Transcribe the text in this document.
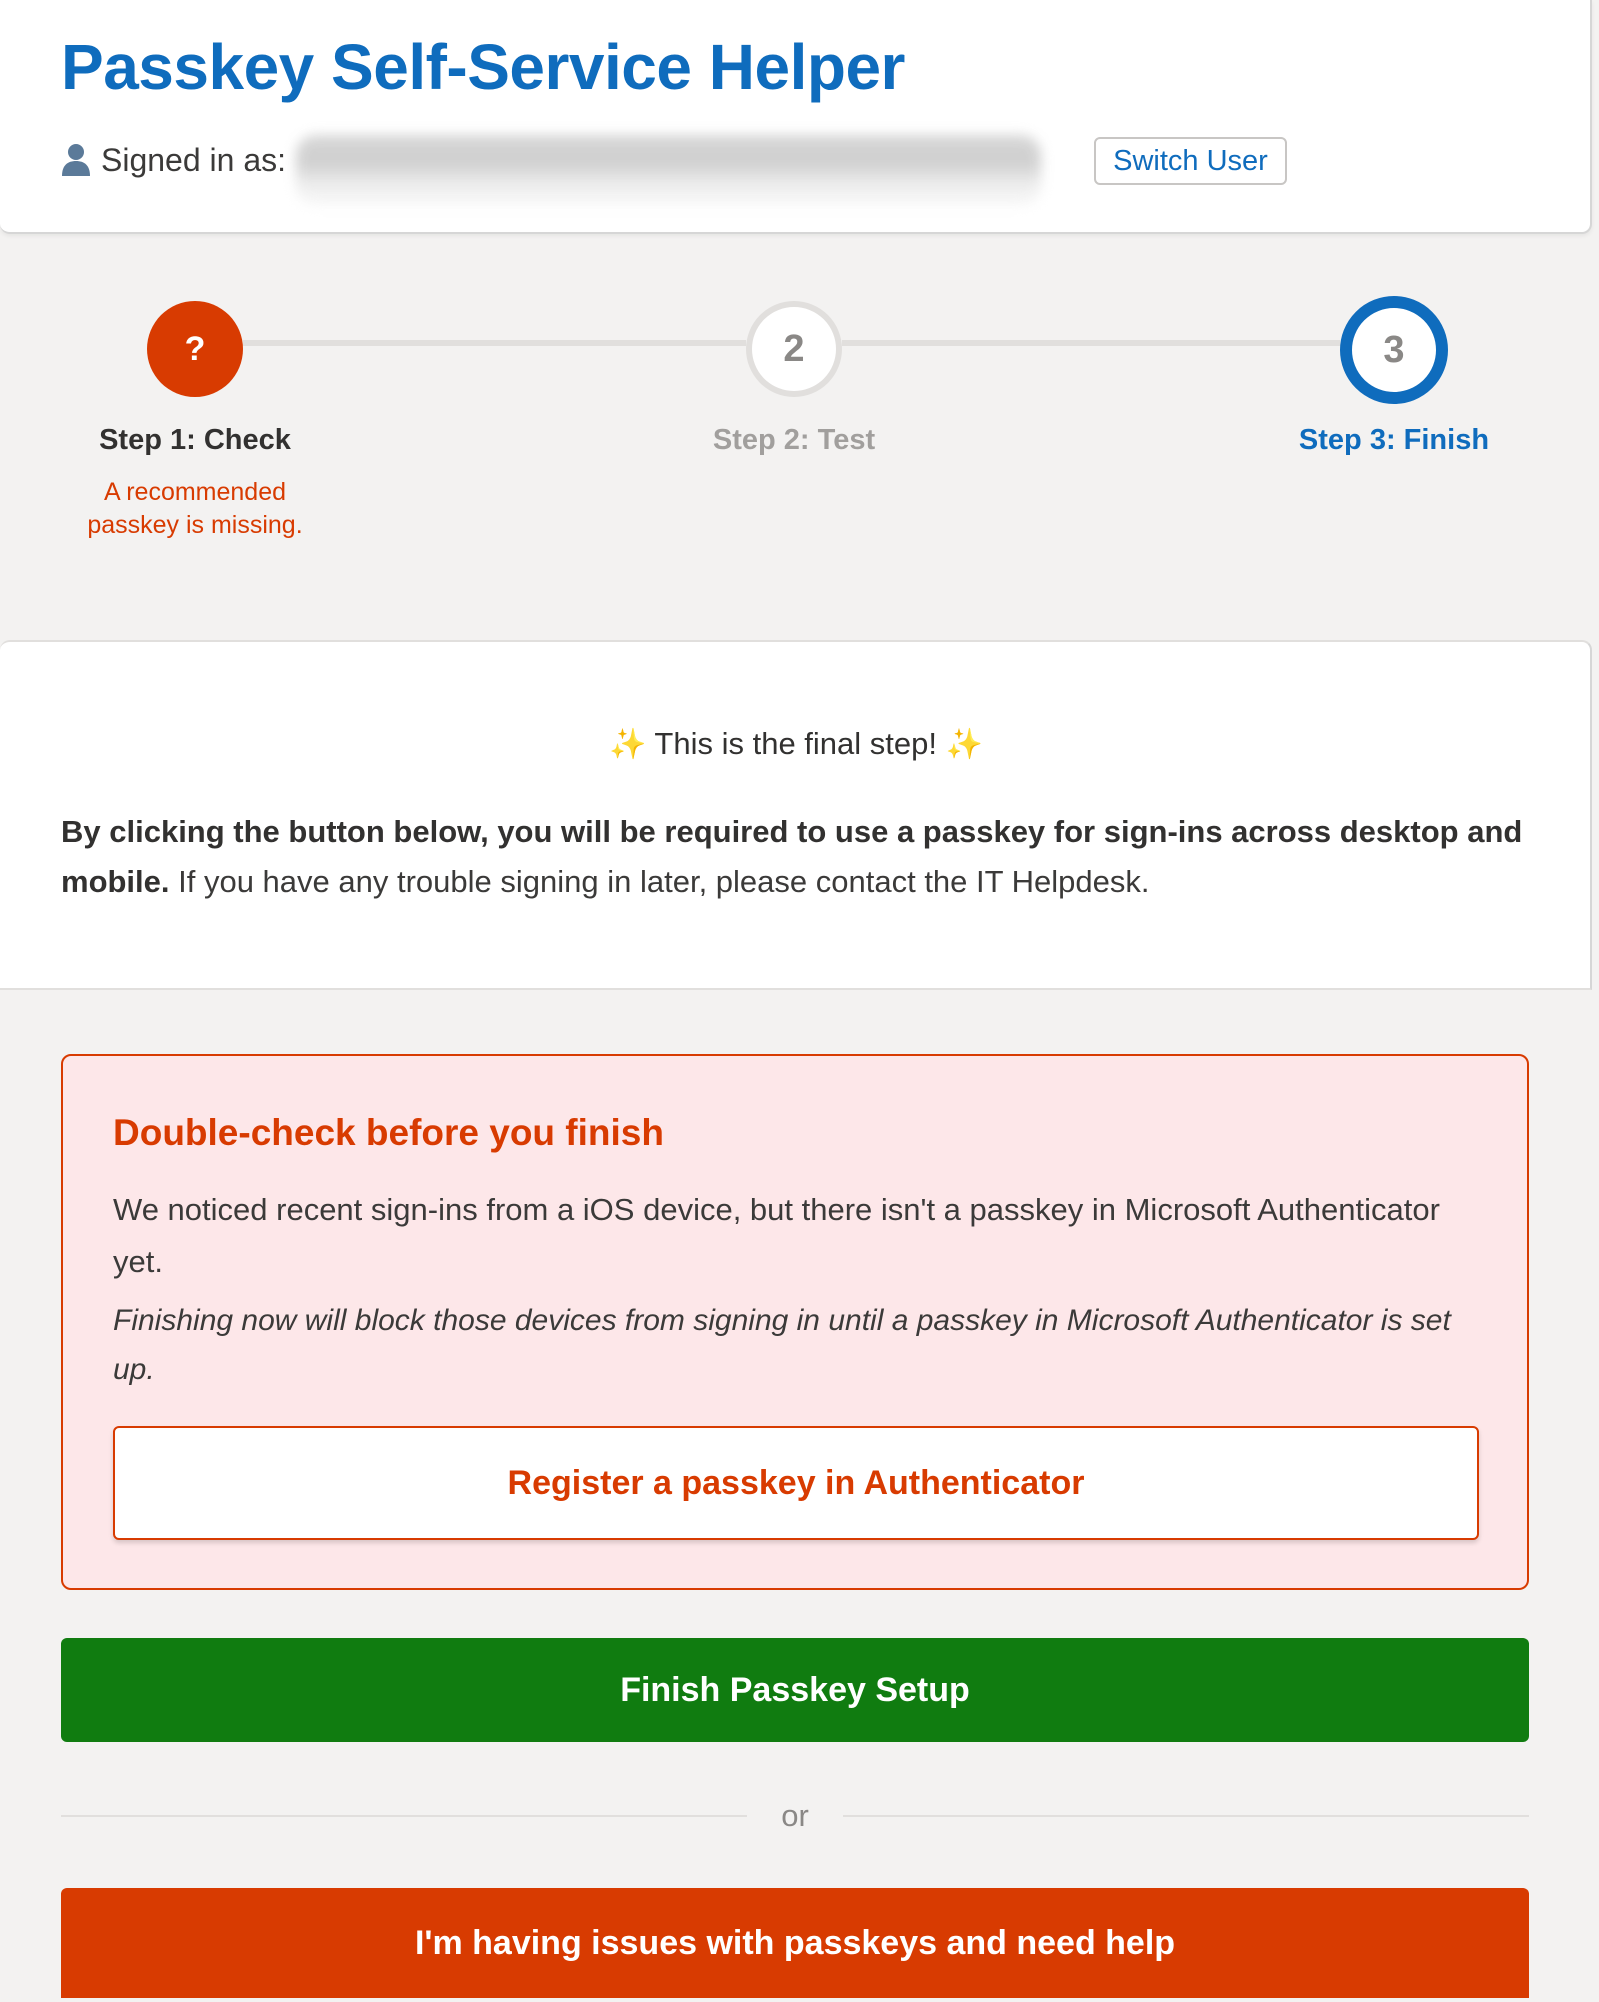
Passkey Self-Service Helper
Signed in as:	Switch User
?	2	3
Step 1: Check	Step 2: Test	Step 3: Finish
A recommended passkey is missing.
✨ This is the final step! ✨
By clicking the button below, you will be required to use a passkey for sign-ins across desktop and mobile. If you have any trouble signing in later, please contact the IT Helpdesk.
Double-check before you finish
We noticed recent sign-ins from a iOS device, but there isn't a passkey in Microsoft Authenticator yet.
Finishing now will block those devices from signing in until a passkey in Microsoft Authenticator is set up.
Register a passkey in Authenticator
Finish Passkey Setup
or
I'm having issues with passkeys and need help
